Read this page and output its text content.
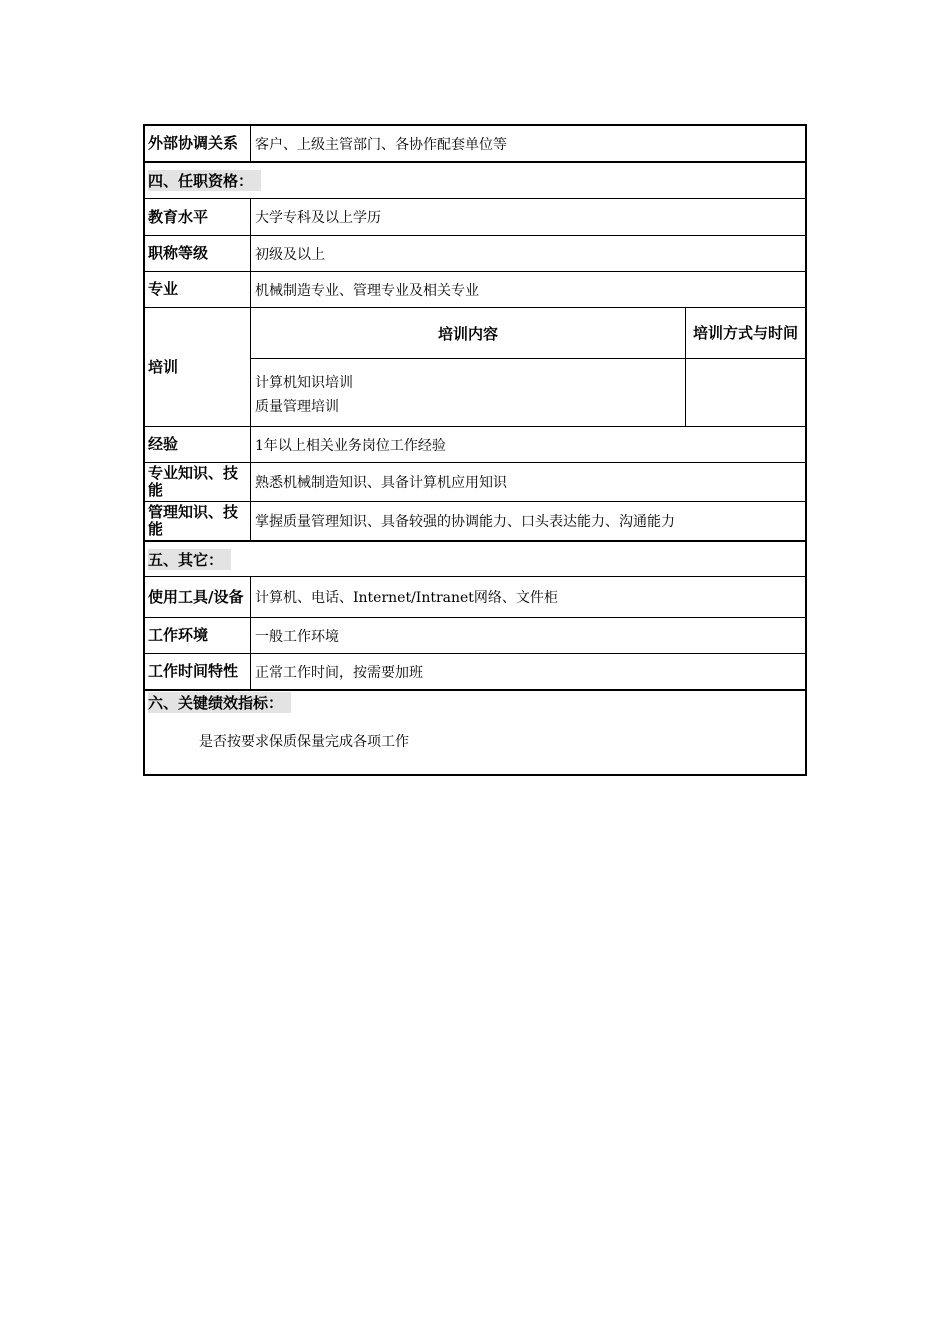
外部协调关系	客户、上级主管部门、各协作配套单位等
四、任职资格：
教育水平	大学专科及以上学历
职称等级	初级及以上
专业	机械制造专业、管理专业及相关专业
培训
培训内容	培训方式与时间
计算机知识培训
质量管理培训
经验	1年以上相关业务岗位工作经验
专业知识、技能	熟悉机械制造知识、具备计算机应用知识
管理知识、技能	掌握质量管理知识、具备较强的协调能力、口头表达能力、沟通能力
五、其它：
使用工具/设备 计算机、电话、Internet/Intranet网络、文件柜
工作环境	一般工作环境
工作时间特性	正常工作时间，按需要加班
六、关键绩效指标：
是否按要求保质保量完成各项工作
